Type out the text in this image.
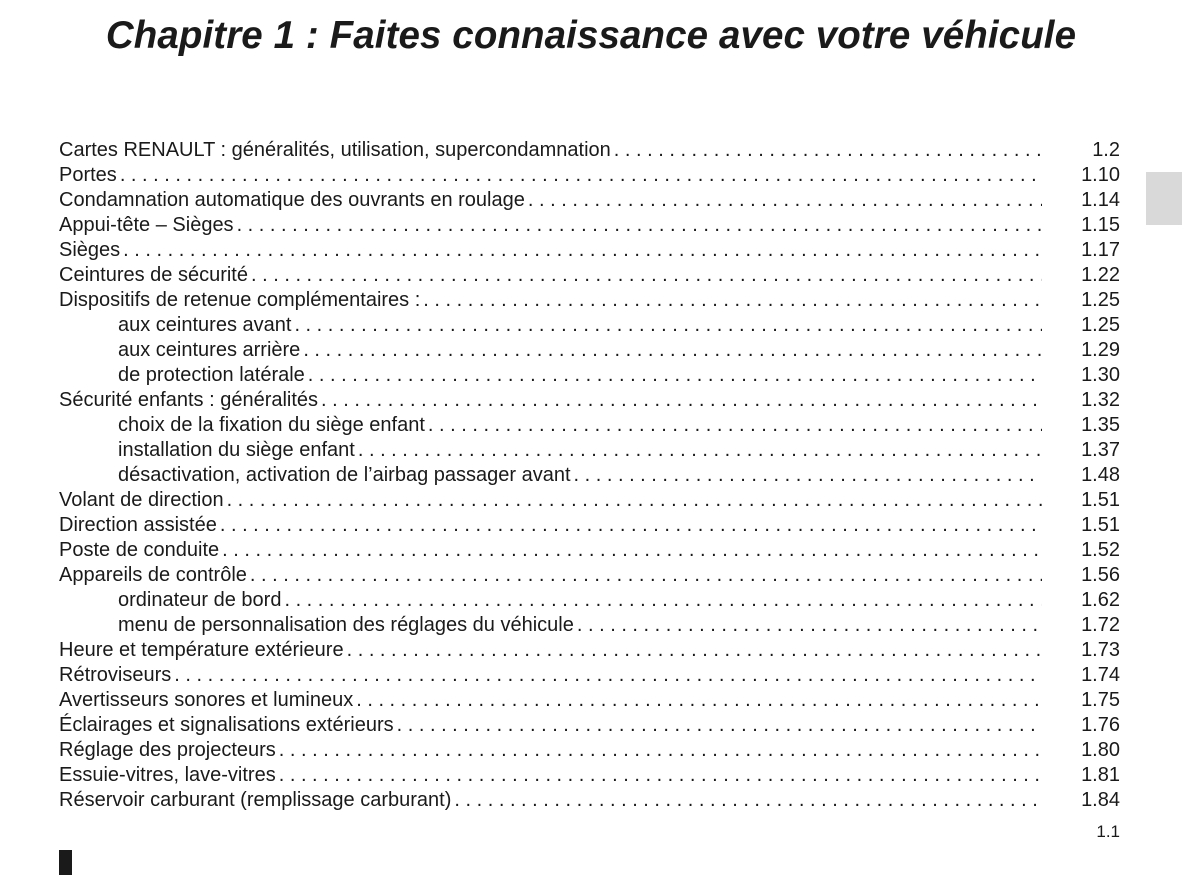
Chapitre 1 : Faites connaissance avec votre véhicule
Cartes RENAULT : généralités, utilisation, supercondamnation . . .	1.2
Portes . . .	1.10
Condamnation automatique des ouvrants en roulage . . .	1.14
Appui-tête – Sièges . . .	1.15
Sièges . . .	1.17
Ceintures de sécurité . . .	1.22
Dispositifs de retenue complémentaires : . . .	1.25
aux ceintures avant . . .	1.25
aux ceintures arrière . . .	1.29
de protection latérale . . .	1.30
Sécurité enfants : généralités . . .	1.32
choix de la fixation du siège enfant . . .	1.35
installation du siège enfant . . .	1.37
désactivation, activation de l’airbag passager avant . . .	1.48
Volant de direction . . .	1.51
Direction assistée . . .	1.51
Poste de conduite . . .	1.52
Appareils de contrôle . . .	1.56
ordinateur de bord . . .	1.62
menu de personnalisation des réglages du véhicule . . .	1.72
Heure et température extérieure . . .	1.73
Rétroviseurs . . .	1.74
Avertisseurs sonores et lumineux . . .	1.75
Éclairages et signalisations extérieurs . . .	1.76
Réglage des projecteurs . . .	1.80
Essuie-vitres, lave-vitres . . .	1.81
Réservoir carburant (remplissage carburant) . . .	1.84
1.1
